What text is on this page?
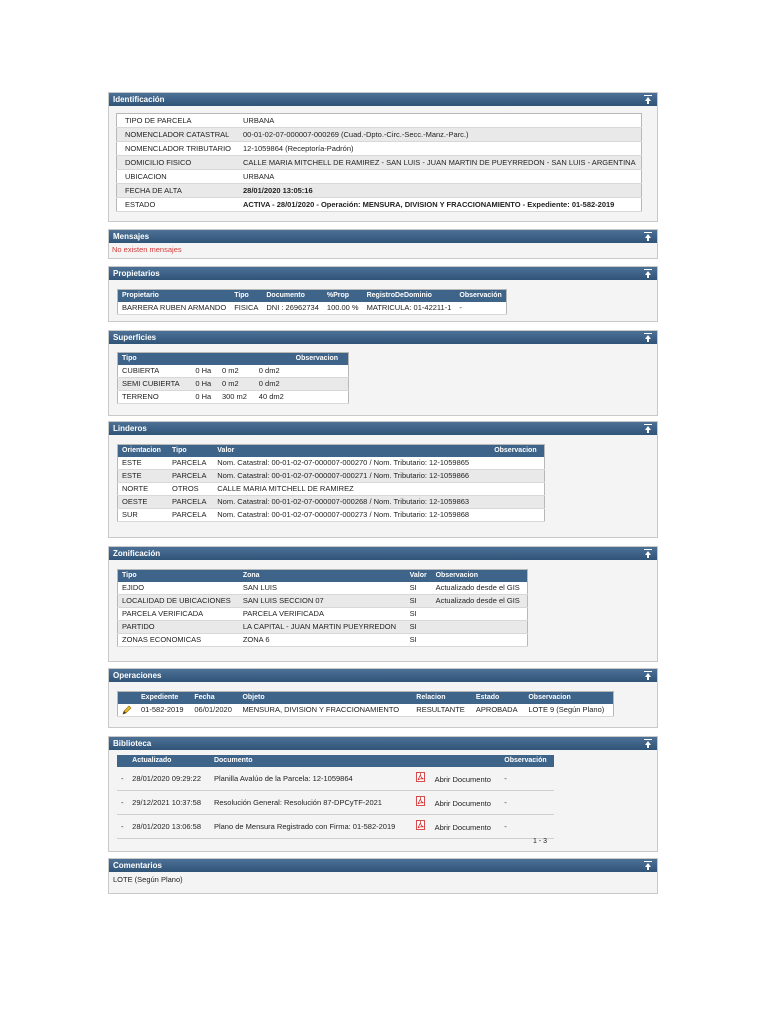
Identificación
TIPO DE PARCELA	URBANA
NOMENCLADOR CATASTRAL	00-01-02-07-000007-000269 (Cuad.-Dpto.-Circ.-Secc.-Manz.-Parc.)
NOMENCLADOR TRIBUTARIO	12-1059864 (Receptoría-Padrón)
DOMICILIO FISICO	CALLE MARIA MITCHELL DE RAMIREZ - SAN LUIS - JUAN MARTIN DE PUEYRREDON - SAN LUIS - ARGENTINA
UBICACION	URBANA
FECHA DE ALTA	28/01/2020 13:05:16
ESTADO	ACTIVA - 28/01/2020 - Operación: MENSURA, DIVISION Y FRACCIONAMIENTO - Expediente: 01-582-2019
Mensajes
No existen mensajes
Propietarios
Propietario	Tipo	Documento	%Prop	RegistroDeDominio	Observación
BARRERA RUBEN ARMANDO	FISICA	DNI : 26962734	100.00 %	MATRICULA: 01-42211-1	-
Superficies
Tipo				Observacion
CUBIERTA	0 Ha	0 m2	0 dm2	
SEMI CUBIERTA	0 Ha	0 m2	0 dm2	
TERRENO	0 Ha	300 m2	40 dm2	
Linderos
Orientacion	Tipo	Valor	Observacion
ESTE	PARCELA	Nom. Catastral: 00-01-02-07-000007-000270 / Nom. Tributario: 12-1059865	
ESTE	PARCELA	Nom. Catastral: 00-01-02-07-000007-000271 / Nom. Tributario: 12-1059866	
NORTE	OTROS	CALLE MARIA MITCHELL DE RAMIREZ	
OESTE	PARCELA	Nom. Catastral: 00-01-02-07-000007-000268 / Nom. Tributario: 12-1059863	
SUR	PARCELA	Nom. Catastral: 00-01-02-07-000007-000273 / Nom. Tributario: 12-1059868	
Zonificación
Tipo	Zona	Valor	Observacion
EJIDO	SAN LUIS	SI	Actualizado desde el GIS
LOCALIDAD DE UBICACIONES	SAN LUIS SECCION 07	SI	Actualizado desde el GIS
PARCELA VERIFICADA	PARCELA VERIFICADA	SI	
PARTIDO	LA CAPITAL - JUAN MARTIN PUEYRREDON	SI	
ZONAS ECONOMICAS	ZONA 6	SI	
Operaciones
	Expediente	Fecha	Objeto	Relacion	Estado	Observacion
	01-582-2019	06/01/2020	MENSURA, DIVISION Y FRACCIONAMIENTO	RESULTANTE	APROBADA	LOTE 9 (Según Plano)
Biblioteca
	Actualizado	Documento		Observación
-	28/01/2020 09:29:22	Planilla Avalúo de la Parcela: 12-1059864	Abrir Documento	-
-	29/12/2021 10:37:58	Resolución General: Resolución 87-DPCyTF-2021	Abrir Documento	-
-	28/01/2020 13:06:58	Plano de Mensura Registrado con Firma: 01-582-2019	Abrir Documento	-
1 - 3
Comentarios
LOTE (Según Plano)
